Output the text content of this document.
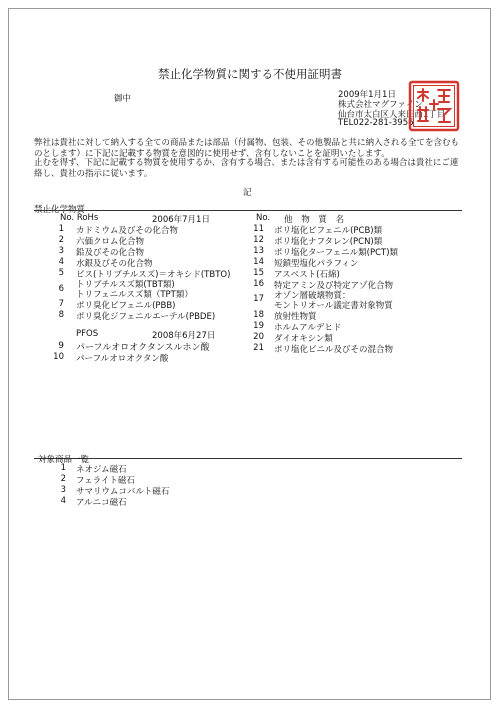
禁止化学物質に関する不使用証明書
御中	2009年1月1日
株式会社マグファイン
仙台市太白区人来田西1丁目
TEL022-281-3956
弊社は貴社に対して納入する全ての商品または部品（付属物、包装、その他製品と共に納入される全てを含むものとします）に下記に記載する物質を意図的に使用せず、含有しないことを証明いたします。
止むを得ず、下記に記載する物質を使用するか、含有する場合、または含有する可能性のある場合は貴社にご連絡し、貴社の指示に従います。
記
禁止化学物質
No. RoHs	2006年7月1日	No. 他 物 質 名
1 カドミウム及びその化合物
2 六価クロム化合物
3 鉛及びその化合物
4 水銀及びその化合物
5 ビス(トリブチルスズ)＝オキシド(TBTO)
6 トリブチルスズ類(TBT類)
トリフェニルスズ類（TPT類）
7 ポリ臭化ビフェニル(PBB)
8 ポリ臭化ジフェニルエーテル(PBDE)
PFOS	2008年6月27日
9 パーフルオロオクタンスルホン酸
10 パーフルオロオクタン酸
11 ポリ塩化ビフェニル(PCB)類
12 ポリ塩化ナフタレン(PCN)類
13 ポリ塩化ターフェニル類(PCT)類
14 短鎖型塩化パラフィン
15 アスベスト(石綿)
16 特定アミン及び特定アゾ化合物
17 オゾン層破壊物質：
モントリオール議定書対象物質
18 放射性物質
19 ホルムアルデヒド
20 ダイオキシン類
21 ポリ塩化ビニル及びその混合物
対象商品一覧
1 ネオジム磁石
2 フェライト磁石
3 サマリウムコバルト磁石
4 アルニコ磁石
